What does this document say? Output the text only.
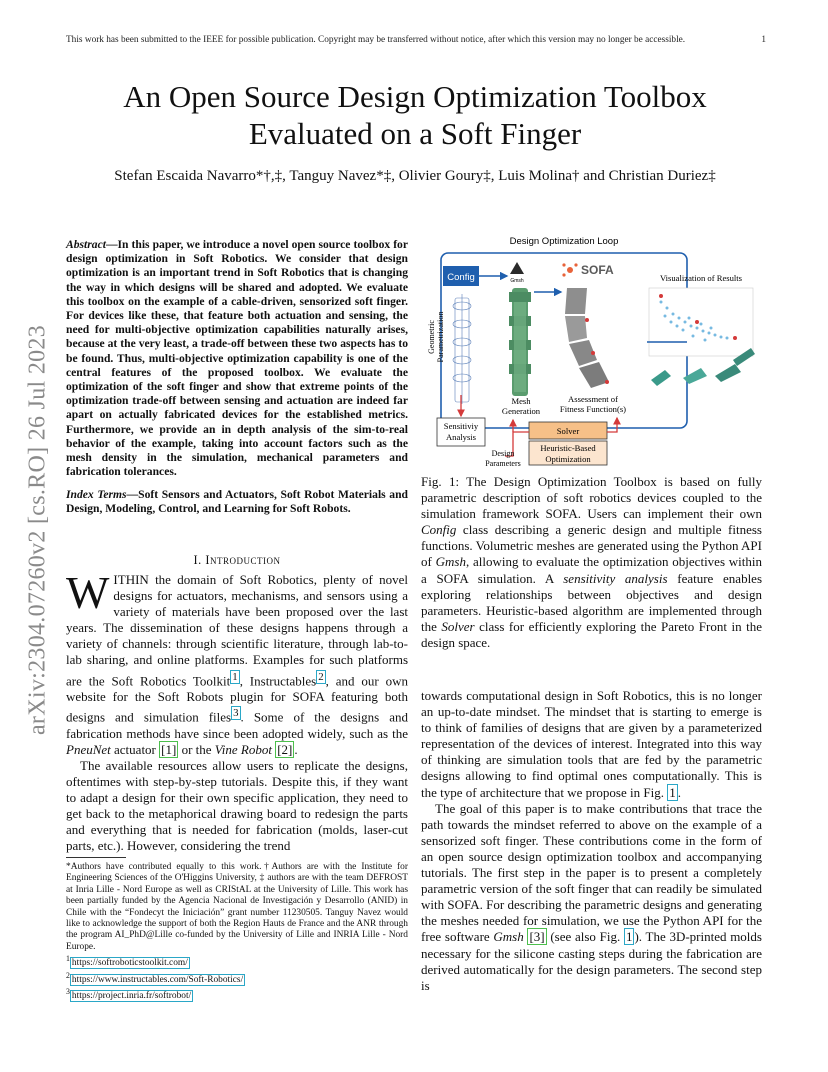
This work has been submitted to the IEEE for possible publication. Copyright may be transferred without notice, after which this version may no longer be accessible.	1
arXiv:2304.07260v2 [cs.RO] 26 Jul 2023
An Open Source Design Optimization Toolbox
Evaluated on a Soft Finger
Stefan Escaida Navarro*†,‡, Tanguy Navez*‡, Olivier Goury‡, Luis Molina† and Christian Duriez‡
Abstract—In this paper, we introduce a novel open source toolbox for design optimization in Soft Robotics. We consider that design optimization is an important trend in Soft Robotics that is changing the way in which designs will be shared and adopted. We evaluate this toolbox on the example of a cable-driven, sensorized soft finger. For devices like these, that feature both actuation and sensing, the need for multi-objective optimization capabilities naturally arises, because at the very least, a trade-off between these two aspects has to be found. Thus, multi-objective optimization capability is one of the central features of the proposed toolbox. We evaluate the optimization of the soft finger and show that extreme points of the optimization trade-off between sensing and actuation are indeed far apart on actually fabricated devices for the established metrics. Furthermore, we provide an in depth analysis of the sim-to-real behavior of the example, taking into account factors such as the mesh density in the simulation, mechanical parameters and fabrication tolerances.
Index Terms—Soft Sensors and Actuators, Soft Robot Materials and Design, Modeling, Control, and Learning for Soft Robots.
I. Introduction

WITHIN the domain of Soft Robotics, plenty of novel designs for actuators, mechanisms, and sensors using a variety of materials have been proposed over the last years. The dissemination of these designs happens through a variety of channels: through scientific literature, through lab-to-lab sharing, and online platforms. Examples for such platforms are the Soft Robotics Toolkit $^1$ , Instructables $^2$ , and our own website for the Soft Robots plugin for SOFA featuring both designs and simulation files $^3$ . Some of the designs and fabrication methods have since been adopted widely, such as the PneuNet actuator [1] or the Vine Robot [2] .

The available resources allow users to replicate the designs, oftentimes with step-by-step tutorials. Despite this, if they want to adapt a design for their own specific application, they need to get back to the metaphorical drawing board to redesign the parts and everything that is needed for fabrication (molds, laser-cut parts, etc.). However, considering the trend

*Authors have contributed equally to this work.†Authors are with the Institute for Engineering Sciences of the O'Higgins University, ‡ authors are with the team DEFROST at Inria Lille - Nord Europe as well as CRIStAL at the University of Lille. This work has been partially funded by the Agencia Nacional de Investigación y Desarrollo (ANID) in Chile with the “Fondecyt the Iniciación” grant number 11230505. Tanguy Navez would like to acknowledge the support of both the Region Hauts de France and the ANR through the program AI_PhD@Lille co-funded by the University of Lille and INRIA Lille - Nord Europe.
$^1$ https://softroboticstoolkit.com/
$^2$ https://www.instructables.com/Soft-Robotics/
$^3$ https://project.inria.fr/softrobot/
Design Optimization Loop
Config
Geometric Parametrization
Gmsh
SOFA
Visualization of Results
Mesh
Generation
Assessment of
Fitness Function(s)
Sensitiviy
Analysis
Solver
Heuristic-Based
Optimization
Design
Parameters
Fig. 1: The Design Optimization Toolbox is based on fully parametric description of soft robotics devices coupled to the simulation framework SOFA. Users can implement their own Config class describing a generic design and multiple fitness functions. Volumetric meshes are generated using the Python API of Gmsh, allowing to evaluate the optimization objectives within a SOFA simulation. A sensitivity analysis feature enables exploring relationships between objectives and design parameters. Heuristic-based algorithm are implemented through the Solver class for efficiently exploring the Pareto Front in the design space.

towards computational design in Soft Robotics, this is no longer an up-to-date mindset. The mindset that is starting to emerge is to think of families of designs that are given by a parameterized representation of the devices of interest. Integrated into this way of thinking are simulation tools that are fed by the parametric designs allowing to find optimal ones computationally. This is the type of architecture that we propose in Fig. 1 .

The goal of this paper is to make contributions that trace the path towards the mindset referred to above on the example of a sensorized soft finger. These contributions come in the form of an open source design optimization toolbox and accompanying tutorials. The first step in the paper is to present a completely parametric version of the soft finger that can readily be simulated with SOFA. For describing the parametric designs and generating the meshes needed for simulation, we use the Python API for the free software Gmsh [3] (see also Fig. 1 ). The 3D-printed molds necessary for the silicone casting steps during the fabrication are derived automatically for the design parameters. The second step is
